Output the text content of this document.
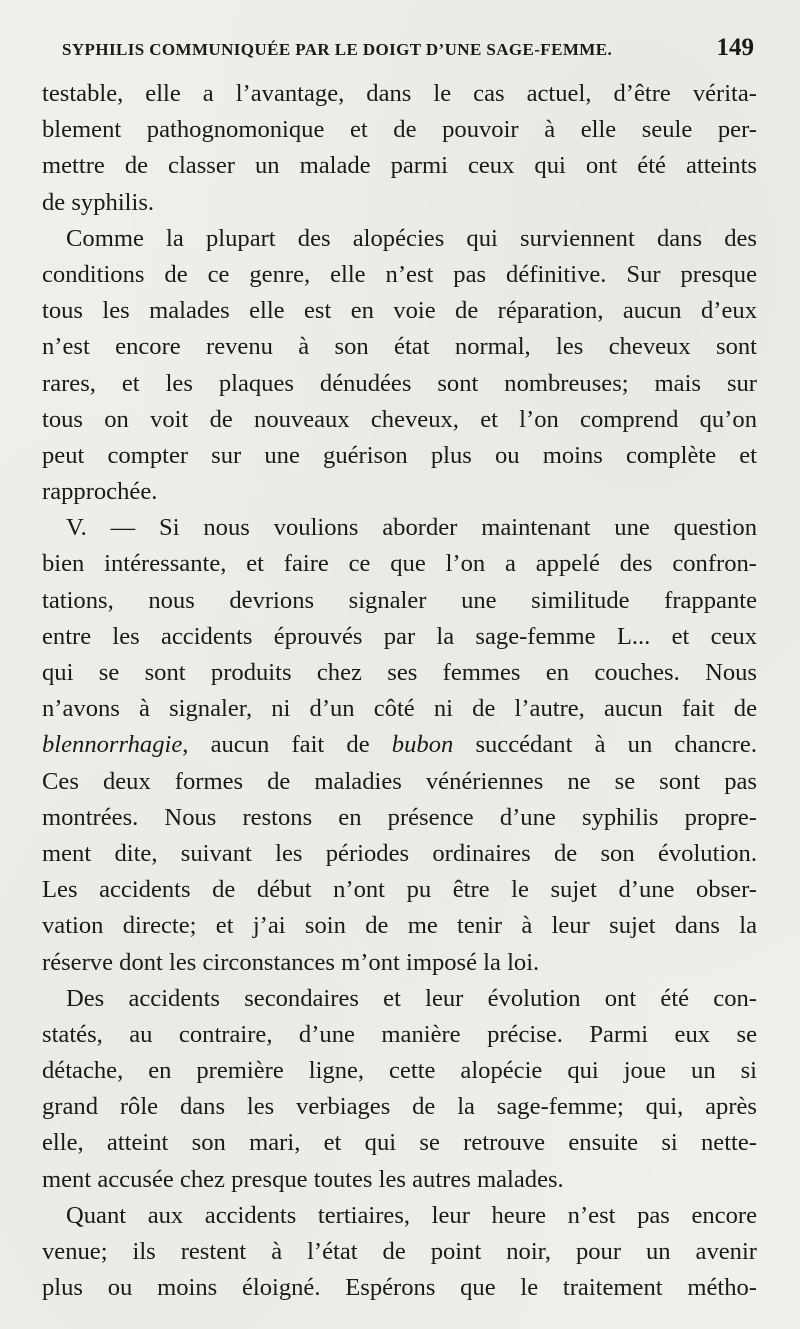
SYPHILIS COMMUNIQUÉE PAR LE DOIGT D’UNE SAGE-FEMME.	149
testable, elle a l’avantage, dans le cas actuel, d’être vérita-
blement pathognomonique et de pouvoir à elle seule per-
mettre de classer un malade parmi ceux qui ont été atteints
de syphilis.
Comme la plupart des alopécies qui surviennent dans des
conditions de ce genre, elle n’est pas définitive. Sur presque
tous les malades elle est en voie de réparation, aucun d’eux
n’est encore revenu à son état normal, les cheveux sont
rares, et les plaques dénudées sont nombreuses; mais sur
tous on voit de nouveaux cheveux, et l’on comprend qu’on
peut compter sur une guérison plus ou moins complète et
rapprochée.
V. — Si nous voulions aborder maintenant une question
bien intéressante, et faire ce que l’on a appelé des confron-
tations, nous devrions signaler une similitude frappante
entre les accidents éprouvés par la sage-femme L... et ceux
qui se sont produits chez ses femmes en couches. Nous
n’avons à signaler, ni d’un côté ni de l’autre, aucun fait de
blennorrhagie, aucun fait de bubon succédant à un chancre.
Ces deux formes de maladies vénériennes ne se sont pas
montrées. Nous restons en présence d’une syphilis propre-
ment dite, suivant les périodes ordinaires de son évolution.
Les accidents de début n’ont pu être le sujet d’une obser-
vation directe; et j’ai soin de me tenir à leur sujet dans la
réserve dont les circonstances m’ont imposé la loi.
Des accidents secondaires et leur évolution ont été con-
statés, au contraire, d’une manière précise. Parmi eux se
détache, en première ligne, cette alopécie qui joue un si
grand rôle dans les verbiages de la sage-femme; qui, après
elle, atteint son mari, et qui se retrouve ensuite si nette-
ment accusée chez presque toutes les autres malades.
Quant aux accidents tertiaires, leur heure n’est pas encore
venue; ils restent à l’état de point noir, pour un avenir
plus ou moins éloigné. Espérons que le traitement métho-
